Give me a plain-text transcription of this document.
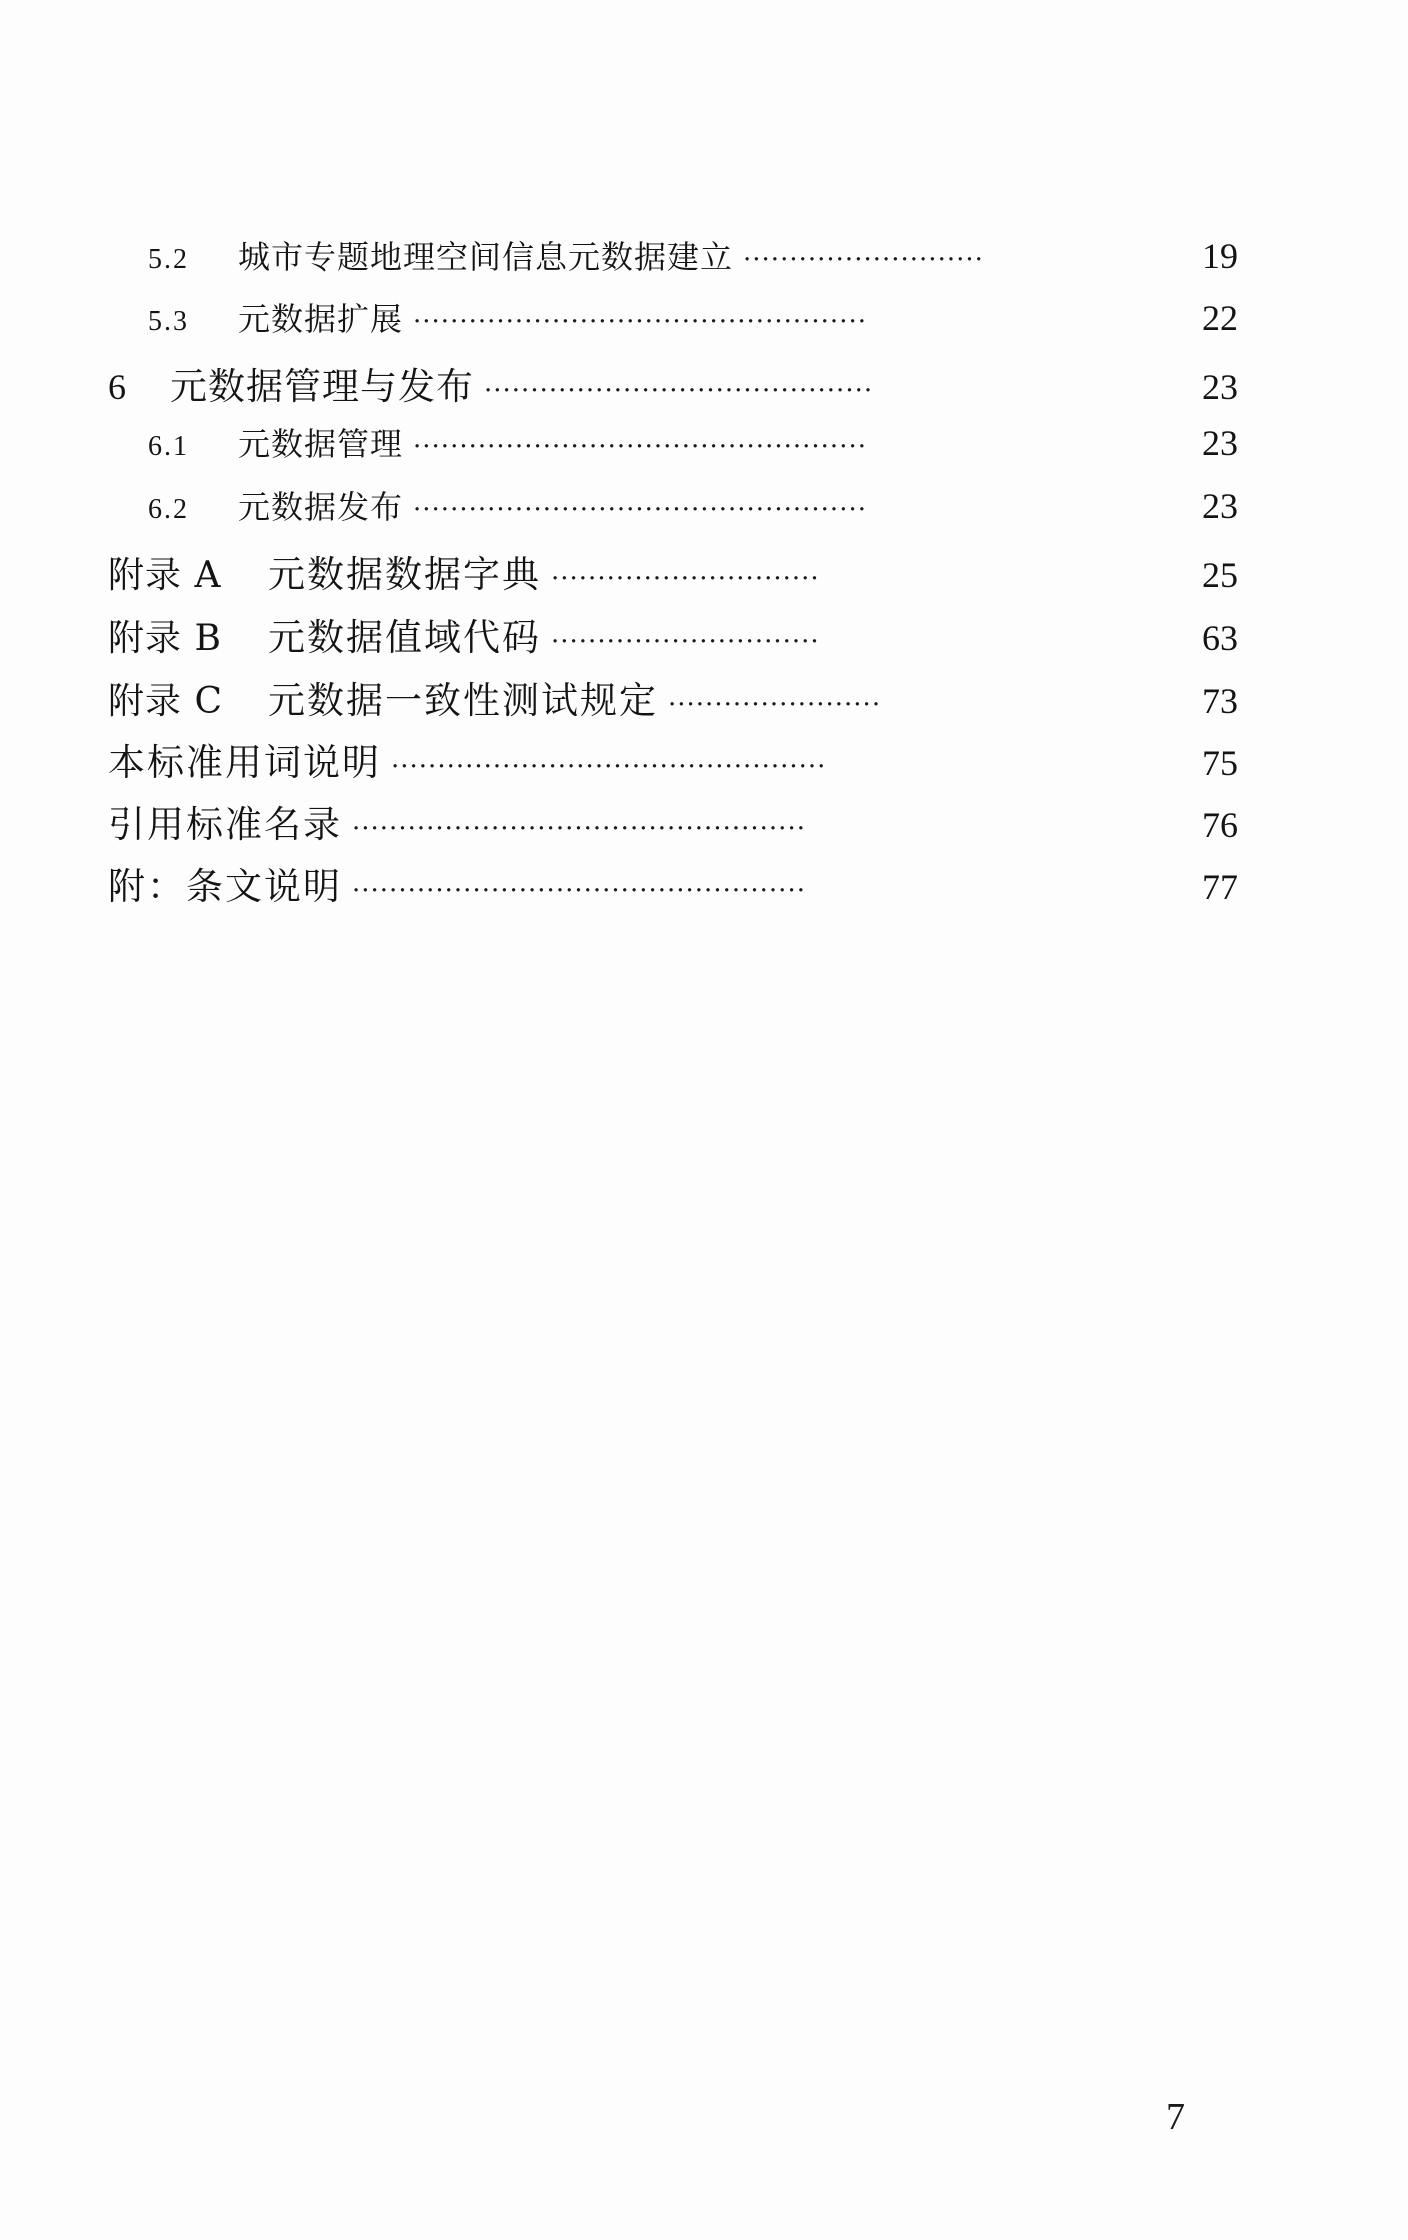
5.2	城市专题地理空间信息元数据建立 ··························	19
5.3	元数据扩展 ·················································	22
6	元数据管理与发布 ··········································	23
6.1	元数据管理 ·················································	23
6.2	元数据发布 ·················································	23
附录 A	元数据数据字典 ·····························	25
附录 B	元数据值域代码 ·····························	63
附录 C	元数据一致性测试规定 ·······················	73
本标准用词说明 ···············································	75
引用标准名录 ·················································	76
附：条文说明 ·················································	77
7
